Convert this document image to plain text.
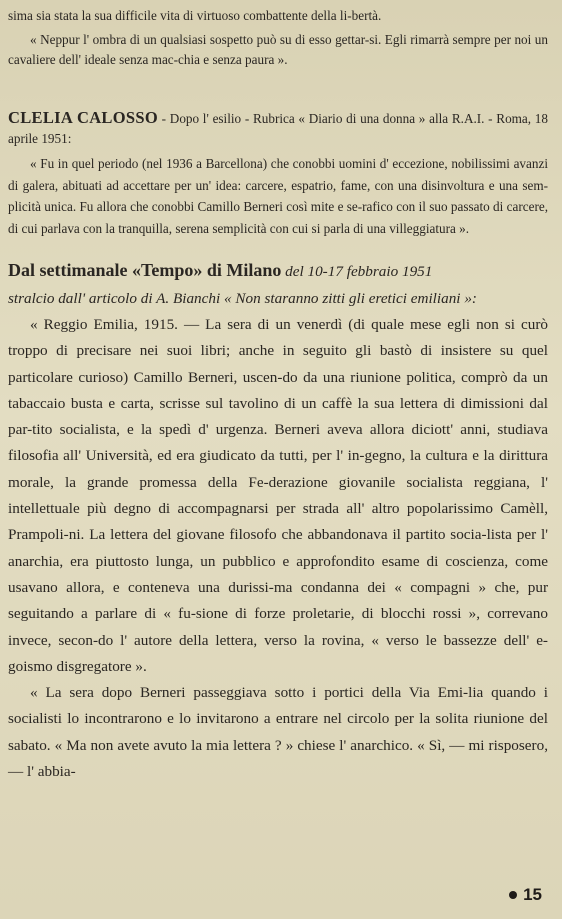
sima sia stata la sua difficile vita di virtuoso combattente della li-bertà.

« Neppur l' ombra di un qualsiasi sospetto può su di esso gettar-si. Egli rimarrà sempre per noi un cavaliere dell' ideale senza mac-chia e senza paura ».

CLELIA CALOSSO - Dopo l' esilio - Rubrica « Diario di una donna » alla R.A.I. - Roma, 18 aprile 1951:

« Fu in quel periodo (nel 1936 a Barcellona) che conobbi uomini d' eccezione, nobilissimi avanzi di galera, abituati ad accettare per un' idea: carcere, espatrio, fame, con una disinvoltura e una sem-plicità unica. Fu allora che conobbi Camillo Berneri così mite e se-rafico con il suo passato di carcere, di cui parlava con la tranquilla, serena semplicità con cui si parla di una villeggiatura ».

Dal settimanale «Tempo» di Milano del 10-17 febbraio 1951

stralcio dall' articolo di A. Bianchi « Non staranno zitti gli eretici emiliani »:

« Reggio Emilia, 1915. — La sera di un venerdì (di quale mese egli non si curò troppo di precisare nei suoi libri; anche in seguito gli bastò di insistere su quel particolare curioso) Camillo Berneri, uscen-do da una riunione politica, comprò da un tabaccaio busta e carta, scrisse sul tavolino di un caffè la sua lettera di dimissioni dal par-tito socialista, e la spedì d' urgenza. Berneri aveva allora diciott' anni, studiava filosofia all' Università, ed era giudicato da tutti, per l' in-gegno, la cultura e la dirittura morale, la grande promessa della Fe-derazione giovanile socialista reggiana, l' intellettuale più degno di accompagnarsi per strada all' altro popolarissimo Camèll, Prampoli-ni. La lettera del giovane filosofo che abbandonava il partito socia-lista per l' anarchia, era piuttosto lunga, un pubblico e approfondito esame di coscienza, come usavano allora, e conteneva una durissi-ma condanna dei « compagni » che, pur seguitando a parlare di « fu-sione di forze proletarie, di blocchi rossi », correvano invece, secon-do l' autore della lettera, verso la rovina, « verso le bassezze dell' e-goismo disgregatore ».

« La sera dopo Berneri passeggiava sotto i portici della Via Emi-lia quando i socialisti lo incontrarono e lo invitarono a entrare nel circolo per la solita riunione del sabato. « Ma non avete avuto la mia lettera ? » chiese l' anarchico. « Sì, — mi risposero, — l' abbia-

15
